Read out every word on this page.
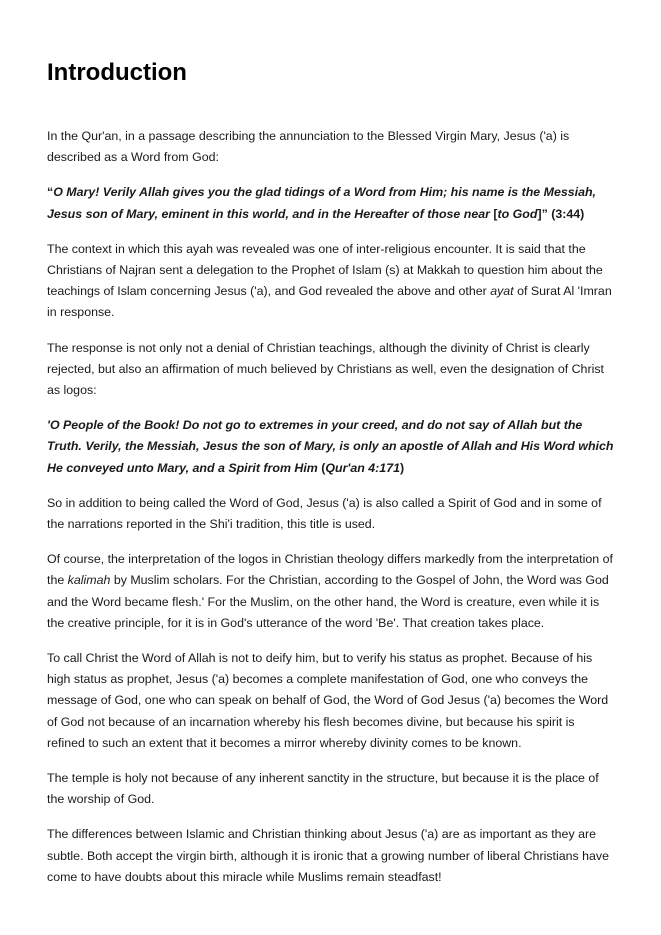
Introduction

In the Qur'an, in a passage describing the annunciation to the Blessed Virgin Mary, Jesus ('a) is described as a Word from God:

“O Mary! Verily Allah gives you the glad tidings of a Word from Him; his name is the Messiah, Jesus son of Mary, eminent in this world, and in the Hereafter of those near [to God]” (3:44)

The context in which this ayah was revealed was one of inter-religious encounter. It is said that the Christians of Najran sent a delegation to the Prophet of Islam (s) at Makkah to question him about the teachings of Islam concerning Jesus ('a), and God revealed the above and other ayat of Surat Al 'Imran in response.

The response is not only not a denial of Christian teachings, although the divinity of Christ is clearly rejected, but also an affirmation of much believed by Christians as well, even the designation of Christ as logos:

'O People of the Book! Do not go to extremes in your creed, and do not say of Allah but the Truth. Verily, the Messiah, Jesus the son of Mary, is only an apostle of Allah and His Word which He conveyed unto Mary, and a Spirit from Him (Qur'an 4:171)

So in addition to being called the Word of God, Jesus ('a) is also called a Spirit of God and in some of the narrations reported in the Shi'i tradition, this title is used.

Of course, the interpretation of the logos in Christian theology differs markedly from the interpretation of the kalimah by Muslim scholars. For the Christian, according to the Gospel of John, the Word was God and the Word became flesh.' For the Muslim, on the other hand, the Word is creature, even while it is the creative principle, for it is in God's utterance of the word 'Be'. That creation takes place.

To call Christ the Word of Allah is not to deify him, but to verify his status as prophet. Because of his high status as prophet, Jesus ('a) becomes a complete manifestation of God, one who conveys the message of God, one who can speak on behalf of God, the Word of God Jesus ('a) becomes the Word of God not because of an incarnation whereby his flesh becomes divine, but because his spirit is refined to such an extent that it becomes a mirror whereby divinity comes to be known.

The temple is holy not because of any inherent sanctity in the structure, but because it is the place of the worship of God.

The differences between Islamic and Christian thinking about Jesus ('a) are as important as they are subtle. Both accept the virgin birth, although it is ironic that a growing number of liberal Christians have come to have doubts about this miracle while Muslims remain steadfast!
